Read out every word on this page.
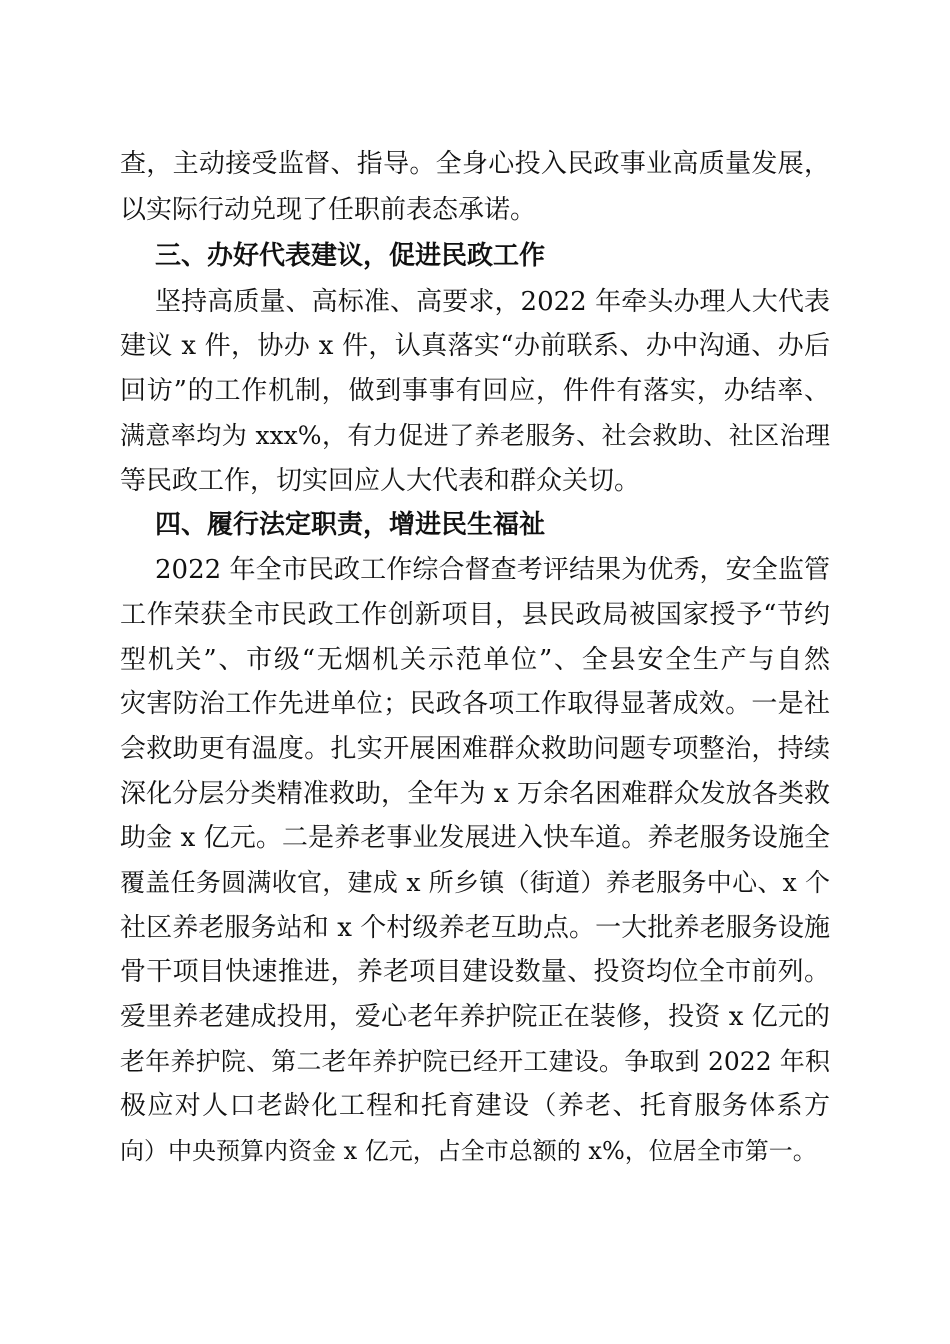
查，主动接受监督、指导。全身心投入民政事业高质量发展，
以实际行动兑现了任职前表态承诺。
三、办好代表建议，促进民政工作
坚持高质量、高标准、高要求，2022 年牵头办理人大代表
建议 x 件，协办 x 件，认真落实“办前联系、办中沟通、办后
回访”的工作机制，做到事事有回应，件件有落实，办结率、
满意率均为 xxx%，有力促进了养老服务、社会救助、社区治理
等民政工作，切实回应人大代表和群众关切。
四、履行法定职责，增进民生福祉
2022 年全市民政工作综合督查考评结果为优秀，安全监管
工作荣获全市民政工作创新项目，县民政局被国家授予“节约
型机关”、市级“无烟机关示范单位”、全县安全生产与自然
灾害防治工作先进单位；民政各项工作取得显著成效。一是社
会救助更有温度。扎实开展困难群众救助问题专项整治，持续
深化分层分类精准救助，全年为 x 万余名困难群众发放各类救
助金 x 亿元。二是养老事业发展进入快车道。养老服务设施全
覆盖任务圆满收官，建成 x 所乡镇（街道）养老服务中心、x 个
社区养老服务站和 x 个村级养老互助点。一大批养老服务设施
骨干项目快速推进，养老项目建设数量、投资均位全市前列。
爱里养老建成投用，爱心老年养护院正在装修，投资 x 亿元的
老年养护院、第二老年养护院已经开工建设。争取到 2022 年积
极应对人口老龄化工程和托育建设（养老、托育服务体系方
向）中央预算内资金 x 亿元，占全市总额的 x%，位居全市第一。
